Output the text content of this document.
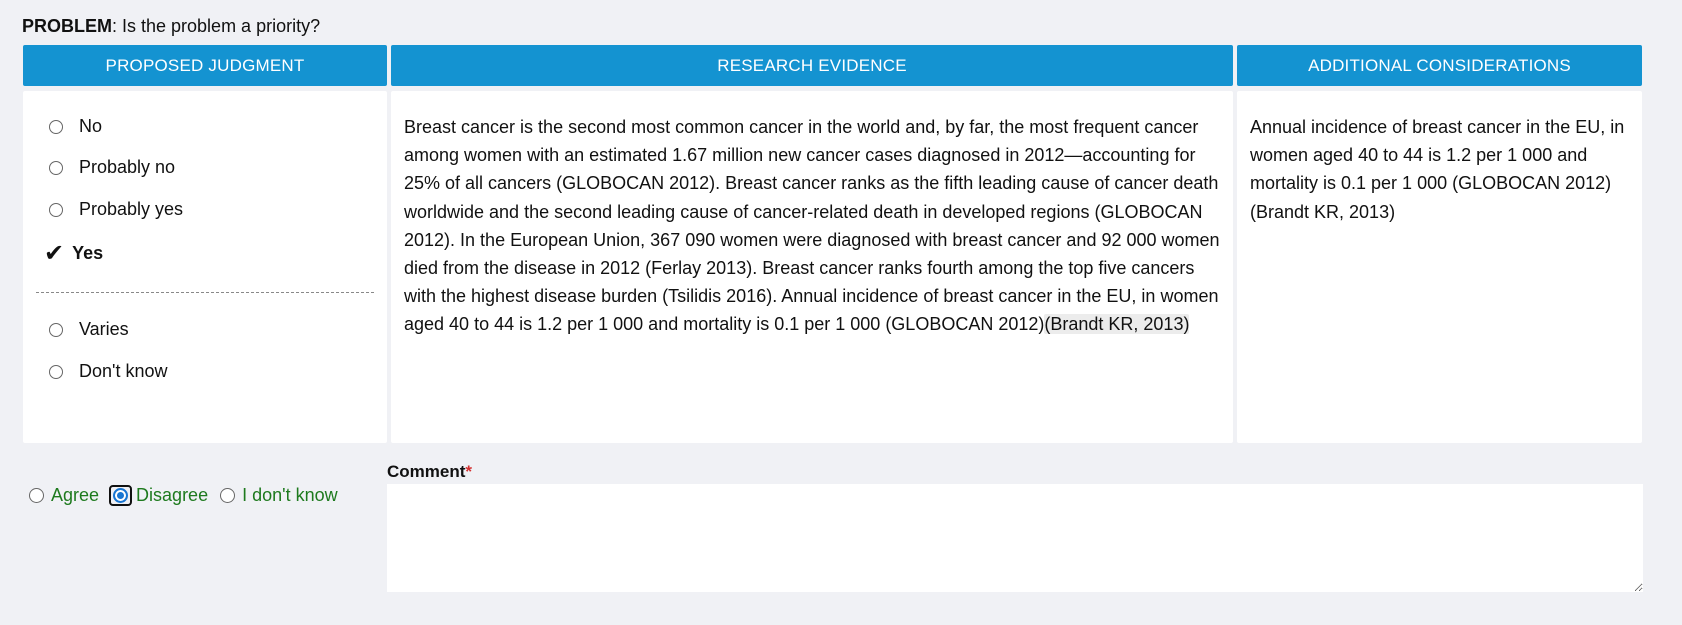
PROBLEM: Is the problem a priority?
PROPOSED JUDGMENT	RESEARCH EVIDENCE	ADDITIONAL CONSIDERATIONS
No
Probably no
Probably yes
✔ Yes
Varies
Don't know
Breast cancer is the second most common cancer in the world and, by far, the most frequent cancer among women with an estimated 1.67 million new cancer cases diagnosed in 2012—accounting for 25% of all cancers (GLOBOCAN 2012). Breast cancer ranks as the fifth leading cause of cancer death worldwide and the second leading cause of cancer-related death in developed regions (GLOBOCAN 2012). In the European Union, 367 090 women were diagnosed with breast cancer and 92 000 women died from the disease in 2012 (Ferlay 2013). Breast cancer ranks fourth among the top five cancers with the highest disease burden (Tsilidis 2016). Annual incidence of breast cancer in the EU, in women aged 40 to 44 is 1.2 per 1 000 and mortality is 0.1 per 1 000 (GLOBOCAN 2012)(Brandt KR, 2013)
Annual incidence of breast cancer in the EU, in women aged 40 to 44 is 1.2 per 1 000 and mortality is 0.1 per 1 000 (GLOBOCAN 2012) (Brandt KR, 2013)
Agree Disagree I don't know
Comment*
